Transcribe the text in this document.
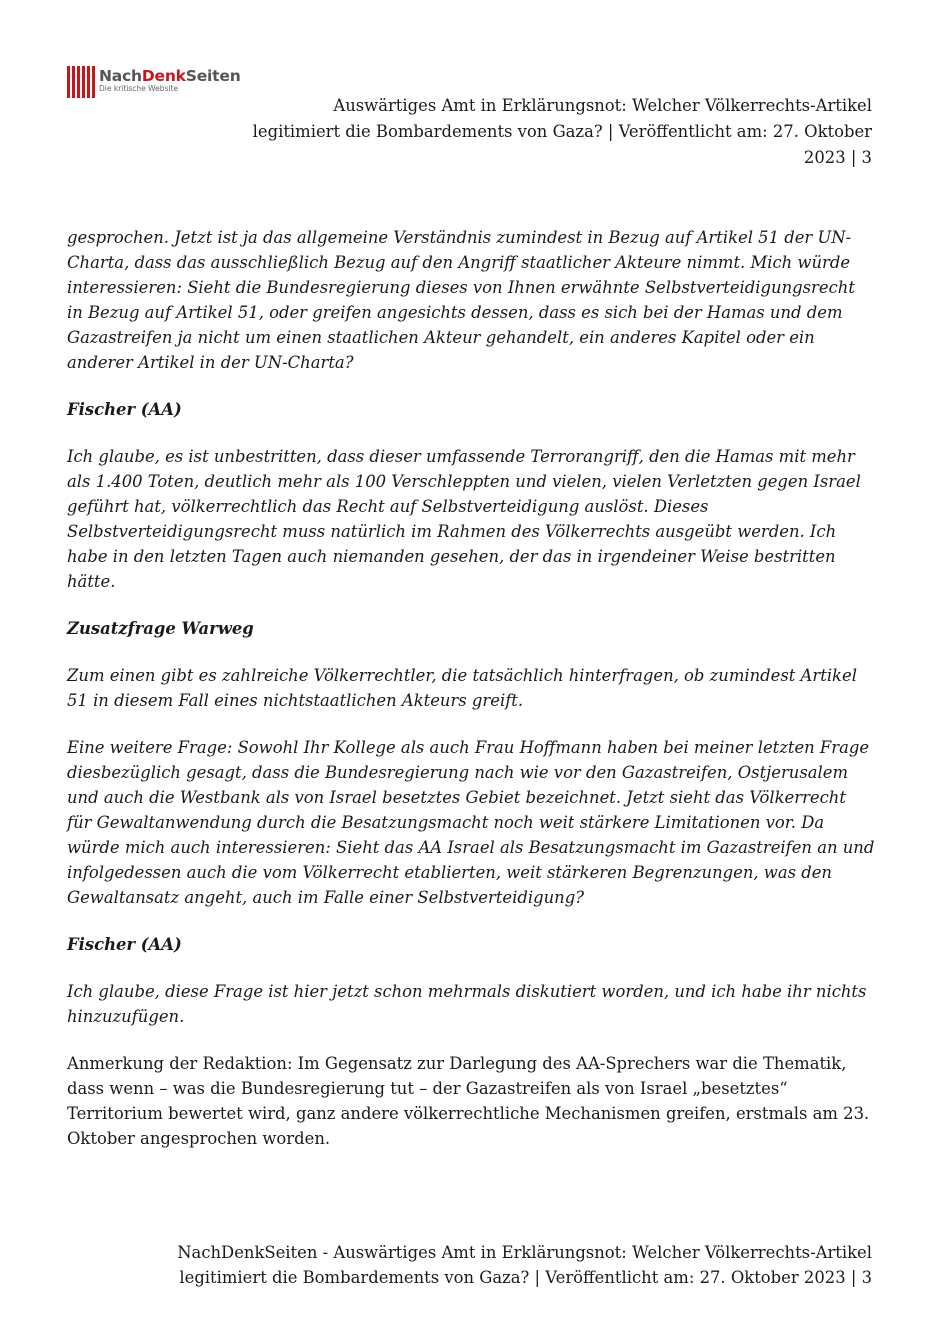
NachDenkSeiten
Die kritische Website
Auswärtiges Amt in Erklärungsnot: Welcher Völkerrechts-Artikel legitimiert die Bombardements von Gaza? | Veröffentlicht am: 27. Oktober 2023 | 3

gesprochen. Jetzt ist ja das allgemeine Verständnis zumindest in Bezug auf Artikel 51 der UN-Charta, dass das ausschließlich Bezug auf den Angriff staatlicher Akteure nimmt. Mich würde interessieren: Sieht die Bundesregierung dieses von Ihnen erwähnte Selbstverteidigungsrecht in Bezug auf Artikel 51, oder greifen angesichts dessen, dass es sich bei der Hamas und dem Gazastreifen ja nicht um einen staatlichen Akteur gehandelt, ein anderes Kapitel oder ein anderer Artikel in der UN-Charta?

Fischer (AA)

Ich glaube, es ist unbestritten, dass dieser umfassende Terrorangriff, den die Hamas mit mehr als 1.400 Toten, deutlich mehr als 100 Verschleppten und vielen, vielen Verletzten gegen Israel geführt hat, völkerrechtlich das Recht auf Selbstverteidigung auslöst. Dieses Selbstverteidigungsrecht muss natürlich im Rahmen des Völkerrechts ausgeübt werden. Ich habe in den letzten Tagen auch niemanden gesehen, der das in irgendeiner Weise bestritten hätte.

Zusatzfrage Warweg

Zum einen gibt es zahlreiche Völkerrechtler, die tatsächlich hinterfragen, ob zumindest Artikel 51 in diesem Fall eines nichtstaatlichen Akteurs greift.

Eine weitere Frage: Sowohl Ihr Kollege als auch Frau Hoffmann haben bei meiner letzten Frage diesbezüglich gesagt, dass die Bundesregierung nach wie vor den Gazastreifen, Ostjerusalem und auch die Westbank als von Israel besetztes Gebiet bezeichnet. Jetzt sieht das Völkerrecht für Gewaltanwendung durch die Besatzungsmacht noch weit stärkere Limitationen vor. Da würde mich auch interessieren: Sieht das AA Israel als Besatzungsmacht im Gazastreifen an und infolgedessen auch die vom Völkerrecht etablierten, weit stärkeren Begrenzungen, was den Gewaltansatz angeht, auch im Falle einer Selbstverteidigung?

Fischer (AA)

Ich glaube, diese Frage ist hier jetzt schon mehrmals diskutiert worden, und ich habe ihr nichts hinzuzufügen.

Anmerkung der Redaktion: Im Gegensatz zur Darlegung des AA-Sprechers war die Thematik, dass wenn – was die Bundesregierung tut – der Gazastreifen als von Israel „besetztes“ Territorium bewertet wird, ganz andere völkerrechtliche Mechanismen greifen, erstmals am 23. Oktober angesprochen worden.

NachDenkSeiten - Auswärtiges Amt in Erklärungsnot: Welcher Völkerrechts-Artikel legitimiert die Bombardements von Gaza? | Veröffentlicht am: 27. Oktober 2023 | 3
